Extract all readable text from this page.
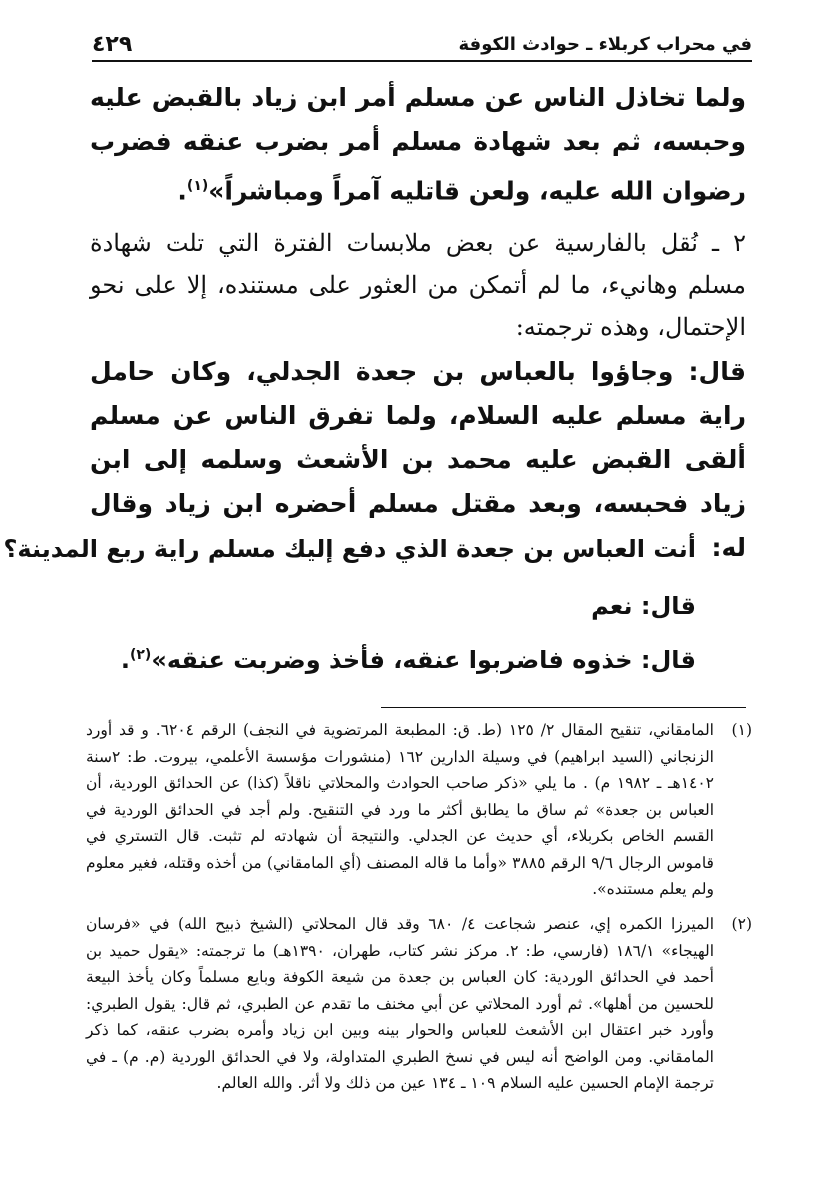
في محراب كربلاء ـ حوادث الكوفة
٤٢٩
ولما تخاذل الناس عن مسلم أمر ابن زياد بالقبض عليه وحبسه، ثم بعد شهادة مسلم أمر بضرب عنقه فضرب رضوان الله عليه، ولعن قاتليه آمراً ومباشراً»$^{(١)}$.
٢ ـ نُقل بالفارسية عن بعض ملابسات الفترة التي تلت شهادة مسلم وهانيء، ما لم أتمكن من العثور على مستنده، إلا على نحو الإحتمال، وهذه ترجمته:
قال: وجاؤوا بالعباس بن جعدة الجدلي، وكان حامل راية مسلم عليه السلام، ولما تفرق الناس عن مسلم ألقى القبض عليه محمد بن الأشعث وسلمه إلى ابن زياد فحبسه، وبعد مقتل مسلم أحضره ابن زياد وقال له:
أنت العباس بن جعدة الذي دفع إليك مسلم راية ربع المدينة؟
قال: نعم
قال: خذوه فاضربوا عنقه، فأخذ وضربت عنقه»$^{(٢)}$.
(١)
المامقاني، تنقيح المقال ٢/ ١٢٥ (ط. ق: المطبعة المرتضوية في النجف) الرقم ٦٢٠٤. و قد أورد الزنجاني (السيد ابراهيم) في وسيلة الدارين ١٦٢ (منشورات مؤسسة الأعلمي، بيروت. ط: ٢سنة ١٤٠٢هـ ـ ١٩٨٢ م) . ما يلي «ذكر صاحب الحوادث والمحلاتي ناقلاً (كذا) عن الحدائق الوردية، أن العباس بن جعدة» ثم ساق ما يطابق أكثر ما ورد في التنقيح. ولم أجد في الحدائق الوردية في القسم الخاص بكربلاء، أي حديث عن الجدلي. والنتيجة أن شهادته لم تثبت. قال التستري في قاموس الرجال ٩/٦ الرقم ٣٨٨٥ «وأما ما قاله المصنف (أي المامقاني) من أخذه وقتله، فغير معلوم ولم يعلم مستنده».
(٢)
الميرزا الكمره إي، عنصر شجاعت ٤/ ٦٨٠ وقد قال المحلاتي (الشيخ ذبيح الله) في «فرسان الهيجاء» ١٨٦/١ (فارسي، ط: ٢. مركز نشر كتاب، طهران، ١٣٩٠هـ) ما ترجمته: «يقول حميد بن أحمد في الحدائق الوردية: كان العباس بن جعدة من شيعة الكوفة وبايع مسلماً وكان يأخذ البيعة للحسين من أهلها». ثم أورد المحلاتي عن أبي مخنف ما تقدم عن الطبري، ثم قال: يقول الطبري: وأورد خبر اعتقال ابن الأشعث للعباس والحوار بينه وبين ابن زياد وأمره بضرب عنقه، كما ذكر المامقاني. ومن الواضح أنه ليس في نسخ الطبري المتداولة، ولا في الحدائق الوردية (م. م) ـ في ترجمة الإمام الحسين عليه السلام ١٠٩ ـ ١٣٤ عين من ذلك ولا أثر. والله العالم.
